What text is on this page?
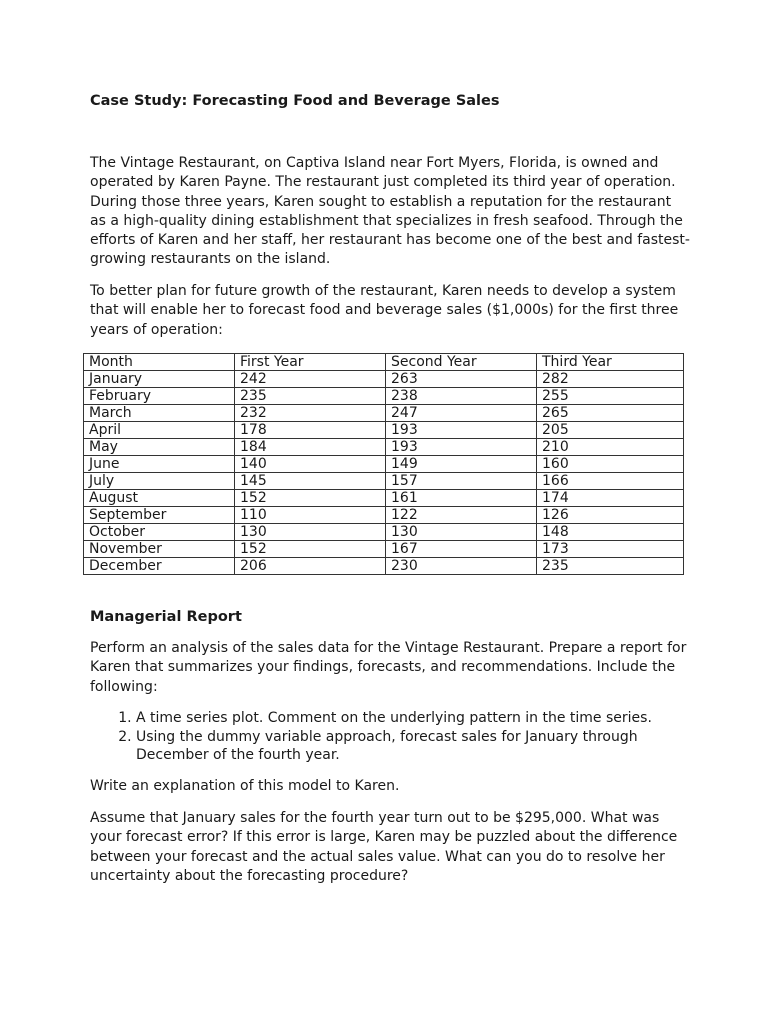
Case Study: Forecasting Food and Beverage Sales

The Vintage Restaurant, on Captiva Island near Fort Myers, Florida, is owned and operated by Karen Payne. The restaurant just completed its third year of operation. During those three years, Karen sought to establish a reputation for the restaurant as a high-quality dining establishment that specializes in fresh seafood. Through the efforts of Karen and her staff, her restaurant has become one of the best and fastest-growing restaurants on the island.

To better plan for future growth of the restaurant, Karen needs to develop a system that will enable her to forecast food and beverage sales ($1,000s) for the first three years of operation:

Month	First Year	Second Year	Third Year
January	242	263	282
February	235	238	255
March	232	247	265
April	178	193	205
May	184	193	210
June	140	149	160
July	145	157	166
August	152	161	174
September	110	122	126
October	130	130	148
November	152	167	173
December	206	230	235
Managerial Report

Perform an analysis of the sales data for the Vintage Restaurant. Prepare a report for Karen that summarizes your findings, forecasts, and recommendations. Include the following:

1. A time series plot. Comment on the underlying pattern in the time series.
2. Using the dummy variable approach, forecast sales for January through December of the fourth year.

Write an explanation of this model to Karen.

Assume that January sales for the fourth year turn out to be $295,000. What was your forecast error? If this error is large, Karen may be puzzled about the difference between your forecast and the actual sales value. What can you do to resolve her uncertainty about the forecasting procedure?
